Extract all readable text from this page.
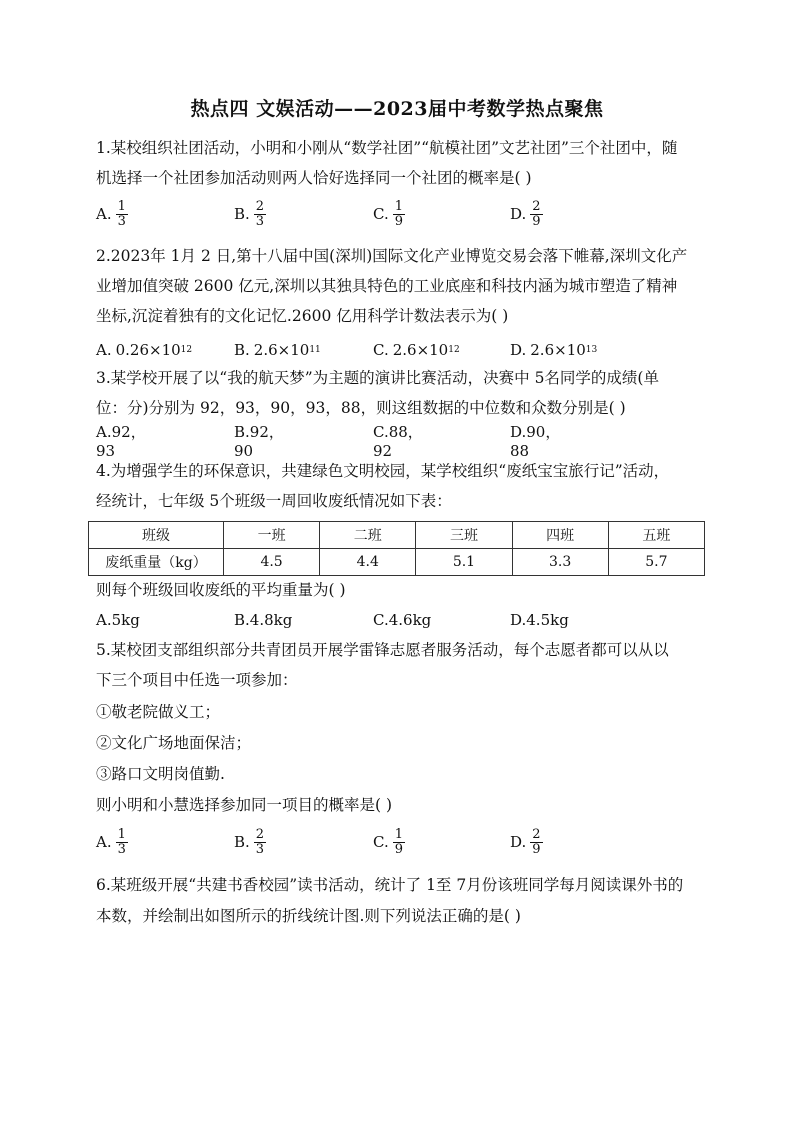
热点四 文娱活动——2023届中考数学热点聚焦
1.某校组织社团活动，小明和小刚从“数学社团”“航模社团”文艺社团”三个社团中，随
机选择一个社团参加活动则两人恰好选择同一个社团的概率是( )
A. $\frac{1}{3}$	B. $\frac{2}{3}$	C. $\frac{1}{9}$	D. $\frac{2}{9}$
2.2023年 1月 2 日,第十八届中国(深圳)国际文化产业博览交易会落下帷幕,深圳文化产
业增加值突破 2600 亿元,深圳以其独具特色的工业底座和科技内涵为城市塑造了精神
坐标,沉淀着独有的文化记忆.2600 亿用科学计数法表示为( )
A. 0.26×10 12	B. 2.6×10 11	C. 2.6×10 12	D. 2.6×10 13
3.某学校开展了以“我的航天梦”为主题的演讲比赛活动，决赛中 5名同学的成绩(单
位：分)分别为 92，93，90，93，88，则这组数据的中位数和众数分别是( )
A.92，93
B.92，90
C.88，92
D.90，88
4.为增强学生的环保意识，共建绿色文明校园，某学校组织“废纸宝宝旅行记”活动，
经统计，七年级 5个班级一周回收废纸情况如下表：
班级	一班	二班	三班	四班	五班
废纸重量（kg）	4.5	4.4	5.1	3.3	5.7
则每个班级回收废纸的平均重量为( )
A.5kg	B.4.8kg	C.4.6kg	D.4.5kg
5.某校团支部组织部分共青团员开展学雷锋志愿者服务活动，每个志愿者都可以从以
下三个项目中任选一项参加：
①敬老院做义工；
②文化广场地面保洁；
③路口文明岗值勤.
则小明和小慧选择参加同一项目的概率是( )
A. $\frac{1}{3}$	B. $\frac{2}{3}$	C. $\frac{1}{9}$	D. $\frac{2}{9}$
6.某班级开展“共建书香校园”读书活动，统计了 1至 7月份该班同学每月阅读课外书的
本数，并绘制出如图所示的折线统计图.则下列说法正确的是( )
